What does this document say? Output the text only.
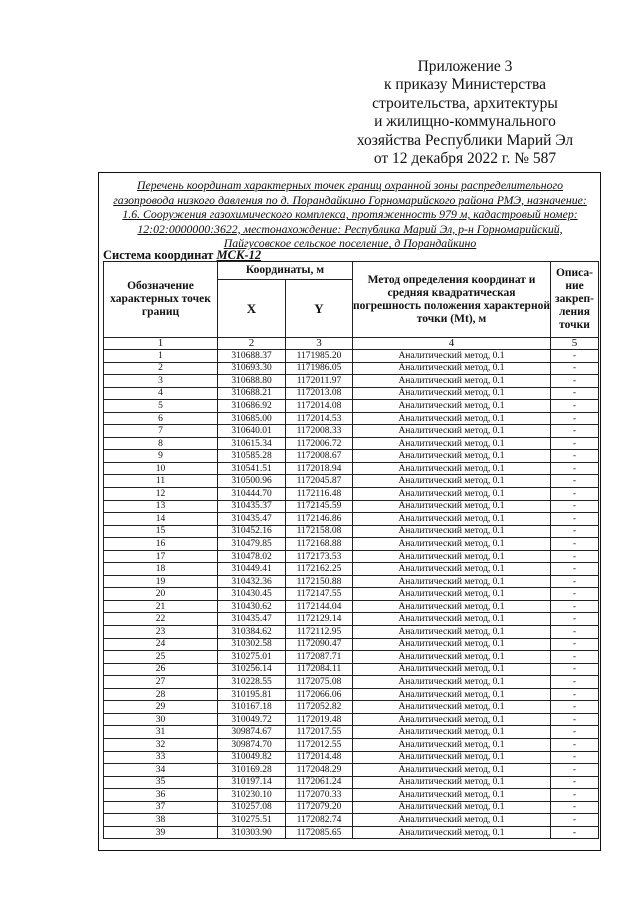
Приложение 3
к приказу Министерства
строительства, архитектуры
и жилищно-коммунального
хозяйства Республики Марий Эл
от 12 декабря 2022 г. № 587
Перечень координат характерных точек границ охранной зоны распределительного
газопровода низкого давления по д. Порандайкино Горномарийского района РМЭ, назначение:
1.6. Сооружения газохимического комплекса, протяженность 979 м, кадастровый номер:
12:02:0000000:3622, местонахождение: Республика Марий Эл, р-н Горномарийский,
Пайгусовское сельское поселение, д Порандайкино
Система координат МСК-12
Обозначение характерных точек границ	Координаты, м		Метод определения координат и средняя квадратическая погрешность положения характерной точки (Mt), м	Описа-ние закреп-ления точки
	X	Y		
1	2	3	4	5
1	310688.37	1171985.20	Аналитический метод, 0.1	-
2	310693.30	1171986.05	Аналитический метод, 0.1	-
3	310688.80	1172011.97	Аналитический метод, 0.1	-
4	310688.21	1172013.08	Аналитический метод, 0.1	-
5	310686.92	1172014.08	Аналитический метод, 0.1	-
6	310685.00	1172014.53	Аналитический метод, 0.1	-
7	310640.01	1172008.33	Аналитический метод, 0.1	-
8	310615.34	1172006.72	Аналитический метод, 0.1	-
9	310585.28	1172008.67	Аналитический метод, 0.1	-
10	310541.51	1172018.94	Аналитический метод, 0.1	-
11	310500.96	1172045.87	Аналитический метод, 0.1	-
12	310444.70	1172116.48	Аналитический метод, 0.1	-
13	310435.37	1172145.59	Аналитический метод, 0.1	-
14	310435.47	1172146.86	Аналитический метод, 0.1	-
15	310452.16	1172158.08	Аналитический метод, 0.1	-
16	310479.85	1172168.88	Аналитический метод, 0.1	-
17	310478.02	1172173.53	Аналитический метод, 0.1	-
18	310449.41	1172162.25	Аналитический метод, 0.1	-
19	310432.36	1172150.88	Аналитический метод, 0.1	-
20	310430.45	1172147.55	Аналитический метод, 0.1	-
21	310430.62	1172144.04	Аналитический метод, 0.1	-
22	310435.47	1172129.14	Аналитический метод, 0.1	-
23	310384.62	1172112.95	Аналитический метод, 0.1	-
24	310302.58	1172090.47	Аналитический метод, 0.1	-
25	310275.01	1172087.71	Аналитический метод, 0.1	-
26	310256.14	1172084.11	Аналитический метод, 0.1	-
27	310228.55	1172075.08	Аналитический метод, 0.1	-
28	310195.81	1172066.06	Аналитический метод, 0.1	-
29	310167.18	1172052.82	Аналитический метод, 0.1	-
30	310049.72	1172019.48	Аналитический метод, 0.1	-
31	309874.67	1172017.55	Аналитический метод, 0.1	-
32	309874.70	1172012.55	Аналитический метод, 0.1	-
33	310049.82	1172014.48	Аналитический метод, 0.1	-
34	310169.28	1172048.29	Аналитический метод, 0.1	-
35	310197.14	1172061.24	Аналитический метод, 0.1	-
36	310230.10	1172070.33	Аналитический метод, 0.1	-
37	310257.08	1172079.20	Аналитический метод, 0.1	-
38	310275.51	1172082.74	Аналитический метод, 0.1	-
39	310303.90	1172085.65	Аналитический метод, 0.1	-
